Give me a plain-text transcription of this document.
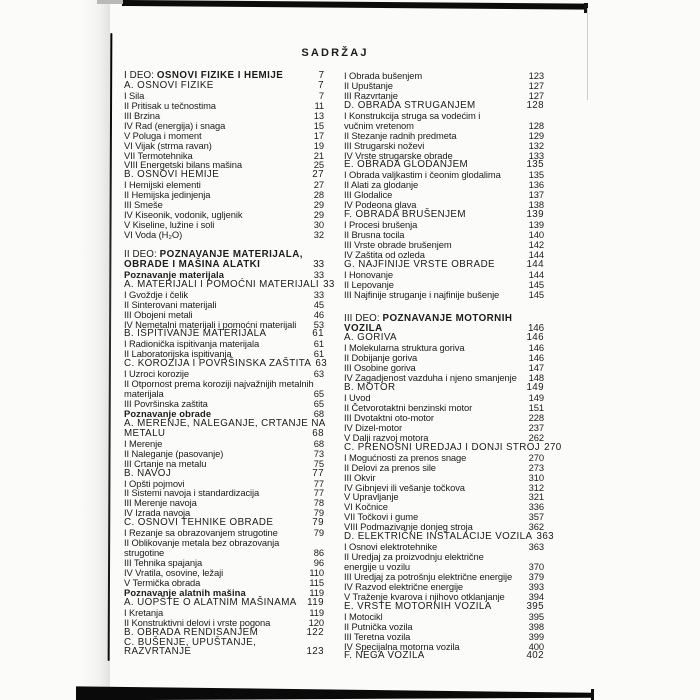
SADRŽAJ
I DEO: OSNOVI FIZIKE I HEMIJE	7
A. OSNOVI FIZIKE	7
I Sila	7
II Pritisak u tečnostima	11
III Brzina	13
IV Rad (energija) i snaga	15
V Poluga i moment	17
VI Vijak (strma ravan)	19
VII Termotehnika	21
VIII Energetski bilans mašina	25
B. OSNOVI HEMIJE	27
I Hemijski elementi	27
II Hemijska jedinjenja	28
III Smeše	29
IV Kiseonik, vodonik, ugljenik	29
V Kiseline, lužine i soli	30
VI Voda (H₂O)	32
II DEO: POZNAVANJE MATERIJALA,
OBRADE I MAŠINA ALATKI	33
Poznavanje materijala	33
A. MATERIJALI I POMOĆNI MATERIJALI 33
I Gvoždje i čelik	33
II Sinterovani materijali	45
III Obojeni metali	46
IV Nemetalni materijali i pomoćni materijali	53
B. ISPITIVANJE MATERIJALA	61
I Radionička ispitivanja materijala	61
II Laboratorijska ispitivanja	61
C. KOROZIJA I POVRŠINSKA ZAŠTITA 63
I Uzroci korozije	63
II Otpornost prema koroziji najvažnijih metalnih
materijala	65
III Površinska zaštita	65
Poznavanje obrade	68
A. MERENJE, NALEGANJE, CRTANJE NA
METALU	68
I Merenje	68
II Naleganje (pasovanje)	73
III Crtanje na metalu	75
B. NAVOJ	77
I Opšti pojmovi	77
II Sistemi navoja i standardizacija	77
III Merenje navoja	78
IV Izrada navoja	79
C. OSNOVI TEHNIKE OBRADE	79
I Rezanje sa obrazovanjem strugotine	79
II Oblikovanje metala bez obrazovanja
strugotine	86
III Tehnika spajanja	96
IV Vratila, osovine, ležaji	110
V Termička obrada	115
Poznavanje alatnih mašina	119
A. UOPŠTE O ALATNIM MAŠINAMA	119
I Kretanja	119
II Konstruktivni delovi i vrste pogona	120
B. OBRADA RENDISANJEM	122
C. BUŠENJE, UPUŠTANJE,
RAZVRTANJE	123
I Obrada bušenjem	123
II Upuštanje	127
III Razvrtanje	127
D. OBRADA STRUGANJEM	128
I Konstrukcija struga sa vodećim i
vučnim vretenom	128
II Stezanje radnih predmeta	129
III Strugarski noževi	132
IV Vrste strugarske obrade	133
E. OBRADA GLODANJEM	135
I Obrada valjkastim i čeonim glodalima	135
II Alati za glodanje	136
III Glodalice	137
IV Podeona glava	138
F. OBRADA BRUŠENJEM	139
I Procesi brušenja	139
II Brusna tocila	140
III Vrste obrade brušenjem	142
IV Zaštita od ozleda	144
G. NAJFINIJE VRSTE OBRADE	144
I Honovanje	144
II Lepovanje	145
III Najfinije struganje i najfinije bušenje	145
III DEO: POZNAVANJE MOTORNIH
VOZILA	146
A. GORIVA	146
I Molekularna struktura goriva	146
II Dobijanje goriva	146
III Osobine goriva	147
IV Zagadjenost vazduha i njeno smanjenje	148
B. MOTOR	149
I Uvod	149
II Četvorotaktni benzinski motor	151
III Dvotaktni oto-motor	228
IV Dizel-motor	237
V Dalji razvoj motora	262
C. PRENOSNI UREDJAJ I DONJI STROJ 270
I Mogućnosti za prenos snage	270
II Delovi za prenos sile	273
III Okvir	310
IV Gibnjevi ili vešanje točkova	312
V Upravljanje	321
VI Kočnice	336
VII Točkovi i gume	357
VIII Podmazivanje donjeg stroja	362
D. ELEKTRIČNE INSTALACIJE VOZILA 363
I Osnovi elektrotehnike	363
II Uredjaj za proizvodnju električne
energije u vozilu	370
III Uredjaj za potrošnju električne energije	379
IV Razvod električne energije	393
V Traženje kvarova i njihovo otklanjanje	394
E. VRSTE MOTORNIH VOZILA	395
I Motocikl	395
II Putnička vozila	398
III Teretna vozila	399
IV Specijalna motorna vozila	400
F. NEGA VOZILA	402
